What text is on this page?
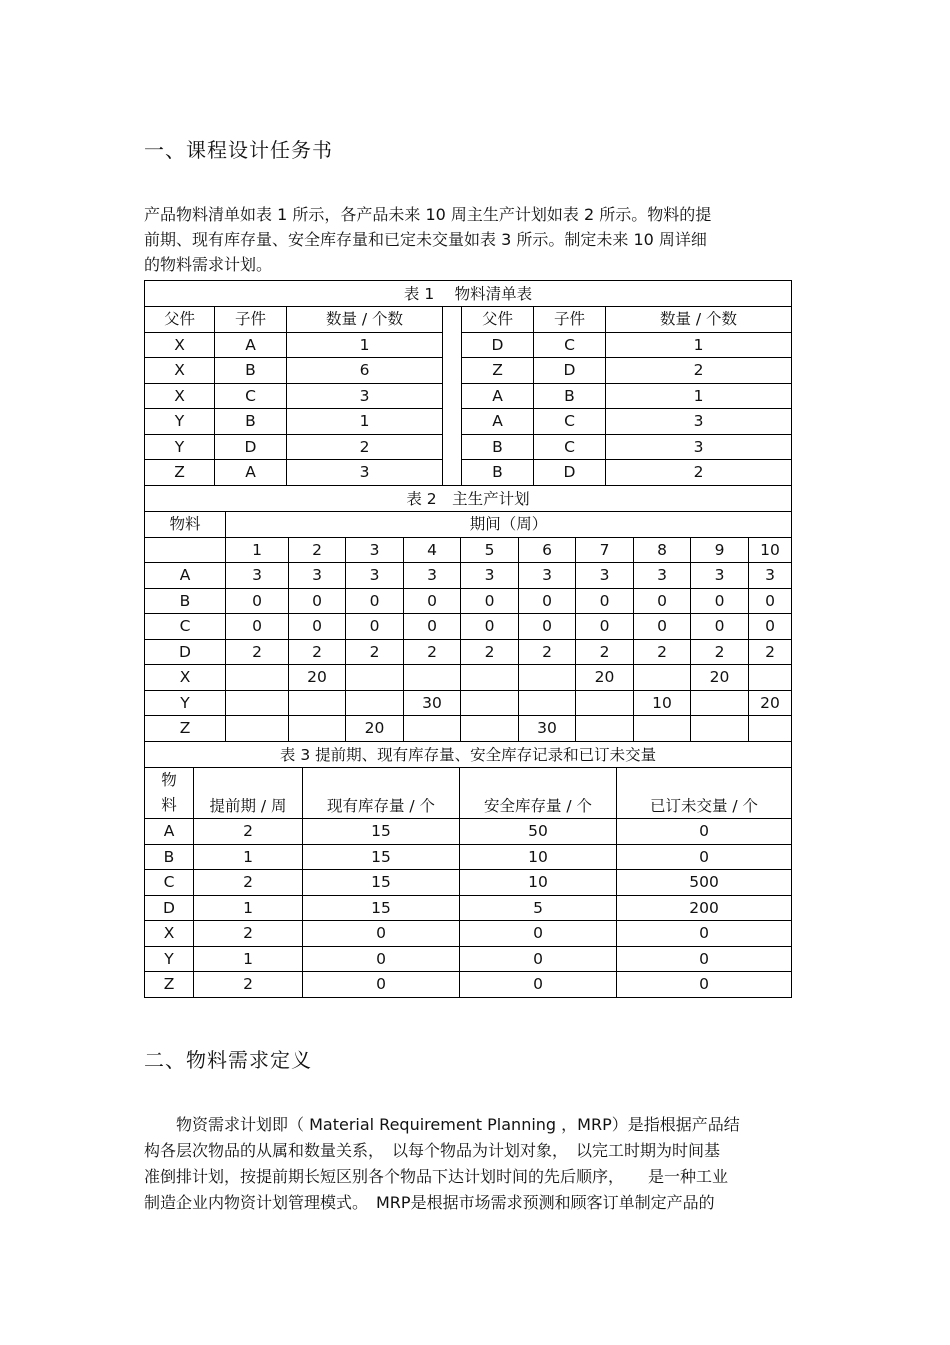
一、课程设计任务书

产品物料清单如表 1 所示，各产品未来 10 周主生产计划如表 2 所示。物料的提

前期、现有库存量、安全库存量和已定未交量如表 3 所示。制定未来 10 周详细

的物料需求计划。

表 1　 物料清单表						
父件	子件	数量 / 个数		父件	子件	数量 / 个数
X	A	1		D	C	1
X	B	6		Z	D	2
X	C	3		A	B	1
Y	B	1		A	C	3
Y	D	2		B	C	3
Z	A	3		B	D	2
表 2　主生产计划										
物料	期间（周）									
	1	2	3	4	5	6	7	8	9	10
A	3	3	3	3	3	3	3	3	3	3
B	0	0	0	0	0	0	0	0	0	0
C	0	0	0	0	0	0	0	0	0	0
D	2	2	2	2	2	2	2	2	2	2
X		20					20		20	
Y				30				10		20
Z			20			30				
表 3 提前期、现有库存量、安全库存记录和已订未交量				

物
料	提前期 / 周	现有库存量 / 个	安全库存量 / 个	已订未交量 / 个
A	2	15	50	0
B	1	15	10	0
C	2	15	10	500
D	1	15	5	200
X	2	0	0	0
Y	1	0	0	0
Z	2	0	0	0
二、物料需求定义

　　物资需求计划即（ Material Requirement Planning ，MRP）是指根据产品结

构各层次物品的从属和数量关系，　以每个物品为计划对象，　以完工时期为时间基

准倒排计划，按提前期长短区别各个物品下达计划时间的先后顺序，　　是一种工业

制造企业内物资计划管理模式。　MRP是根据市场需求预测和顾客订单制定产品的
